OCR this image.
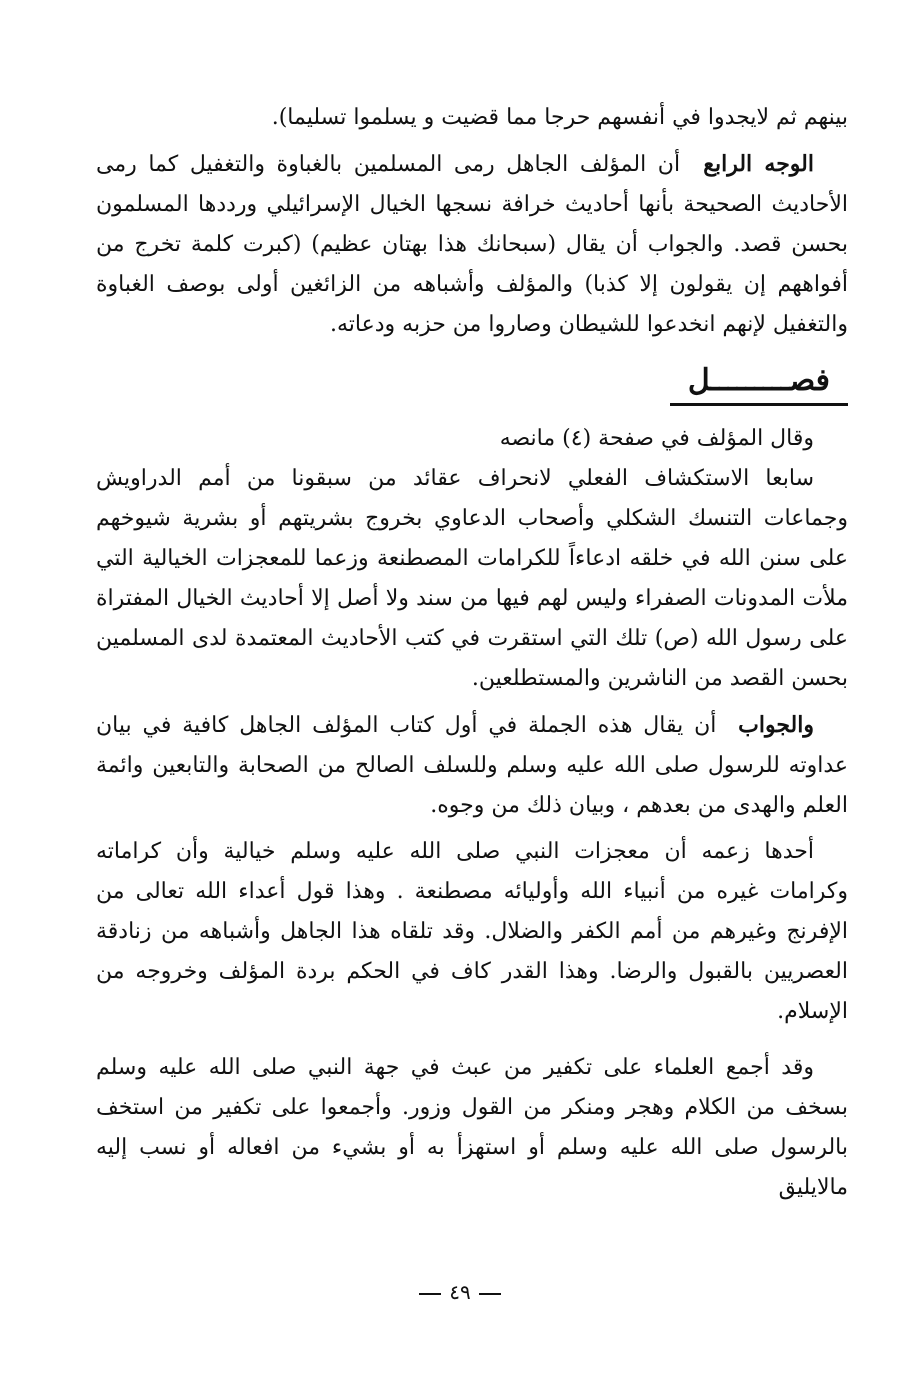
بينهم ثم لايجدوا في أنفسهم حرجا مما قضيت و يسلموا تسليما).

الوجه الرابع  أن المؤلف الجاهل رمى المسلمين بالغباوة والتغفيل كما رمى الأحاديث الصحيحة بأنها أحاديث خرافة نسجها الخيال الإسرائيلي ورددها المسلمون بحسن قصد. والجواب أن يقال (سبحانك هذا بهتان عظيم) (كبرت كلمة تخرج من أفواههم إن يقولون إلا كذبا) والمؤلف وأشباهه من الزائغين أولى بوصف الغباوة والتغفيل لإنهم انخدعوا للشيطان وصاروا من حزبه ودعاته.

فصـــــــــل

وقال المؤلف في صفحة (٤) مانصه

سابعا الاستكشاف الفعلي لانحراف عقائد من سبقونا من أمم الدراويش وجماعات التنسك الشكلي وأصحاب الدعاوي بخروج بشريتهم أو بشرية شيوخهم على سنن الله في خلقه ادعاءاً للكرامات المصطنعة وزعما للمعجزات الخيالية التي ملأت المدونات الصفراء وليس لهم فيها من سند ولا أصل إلا أحاديث الخيال المفتراة على رسول الله (ص) تلك التي استقرت في كتب الأحاديث المعتمدة لدى المسلمين بحسن القصد من الناشرين والمستطلعين.

والجواب  أن يقال هذه الجملة في أول كتاب المؤلف الجاهل كافية في بيان عداوته للرسول صلى الله عليه وسلم وللسلف الصالح من الصحابة والتابعين وائمة العلم والهدى من بعدهم ، وبيان ذلك من وجوه.

أحدها زعمه أن معجزات النبي صلى الله عليه وسلم خيالية وأن كراماته وكرامات غيره من أنبياء الله وأوليائه مصطنعة . وهذا قول أعداء الله تعالى من الإفرنج وغيرهم من أمم الكفر والضلال. وقد تلقاه هذا الجاهل وأشباهه من زنادقة العصريين بالقبول والرضا. وهذا القدر كاف في الحكم بردة المؤلف وخروجه من الإسلام.

وقد أجمع العلماء على تكفير من عبث في جهة النبي صلى الله عليه وسلم بسخف من الكلام وهجر ومنكر من القول وزور. وأجمعوا على تكفير من استخف بالرسول صلى الله عليه وسلم أو استهزأ به أو بشيء من افعاله أو نسب إليه مالايليق

٤٩
